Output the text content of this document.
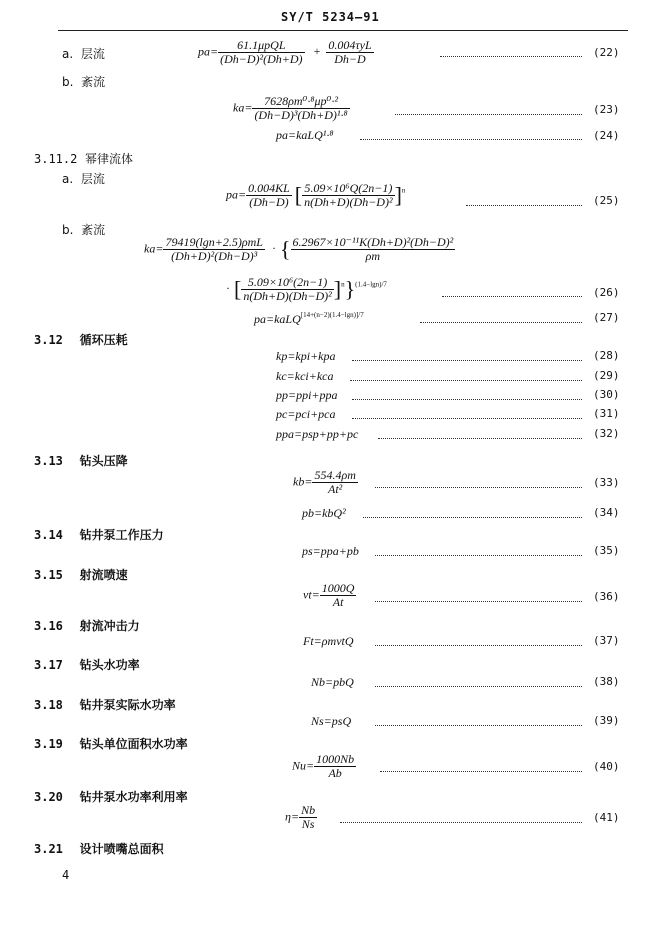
SY/T 5234—91
a. 层流	$pa= \frac{\text{61.1μpQL}}{\text{(Dh−D)²(Dh+D)}} + \frac{\text{0.004τyL}}{Dh-D}$	(22)
b. 紊流
$ka= \frac{\text{7628ρm⁰·⁸μp⁰·²}}{\text{(Dh−D)³(Dh+D)¹·⁸}}$	(23)
pa=kaLQ¹·⁸	(24)
3.11.2 幂律流体
a. 层流
$pa= \frac{0.004KL}{(Dh-D)}$ [ $\frac{\text{5.09×10⁶Q(2n−1)}}{\text{n(Dh+D)(Dh−D)²}} ]^n$
(25)
b. 紊流
$ka= \frac{\text{79419(lgn+2.5)ρmL}}{\text{(Dh+D)²(Dh−D)³}}$ · { $\frac{\text{6.2967×10⁻¹¹K(Dh+D)²(Dh−D)²}}{\rho m}$
· [ $\frac{\text{5.09×10⁶(2n−1)}}{\text{n(Dh+D)(Dh−D)²}} ]^n\}^{(1.4-lgn)/7}$
(26)
pa=kaLQ$^{[14+(n-2)(1.4-lgn)]/7}$	(27)
3.12 循环压耗
kp=kpi+kpa	(28)
kc=kci+kca	(29)
pp=ppi+ppa	(30)
pc=pci+pca	(31)
ppa=psp+pp+pc	(32)
3.13 钻头压降
$kb= \frac{554.4\rho m}{\text{At²}}$	(33)
pb=kbQ²	(34)
3.14 钻井泵工作压力
ps=ppa+pb	(35)
3.15 射流喷速
$vt= \frac{1000Q}{At}$	(36)
3.16 射流冲击力
Ft=ρmvtQ	(37)
3.17 钻头水功率
Nb=pbQ	(38)
3.18 钻井泵实际水功率
Ns=psQ	(39)
3.19 钻头单位面积水功率
$Nu= \frac{1000Nb}{Ab}$	(40)
3.20 钻井泵水功率利用率
$\eta= \frac{Nb}{Ns}$	(41)
3.21 设计喷嘴总面积
4
